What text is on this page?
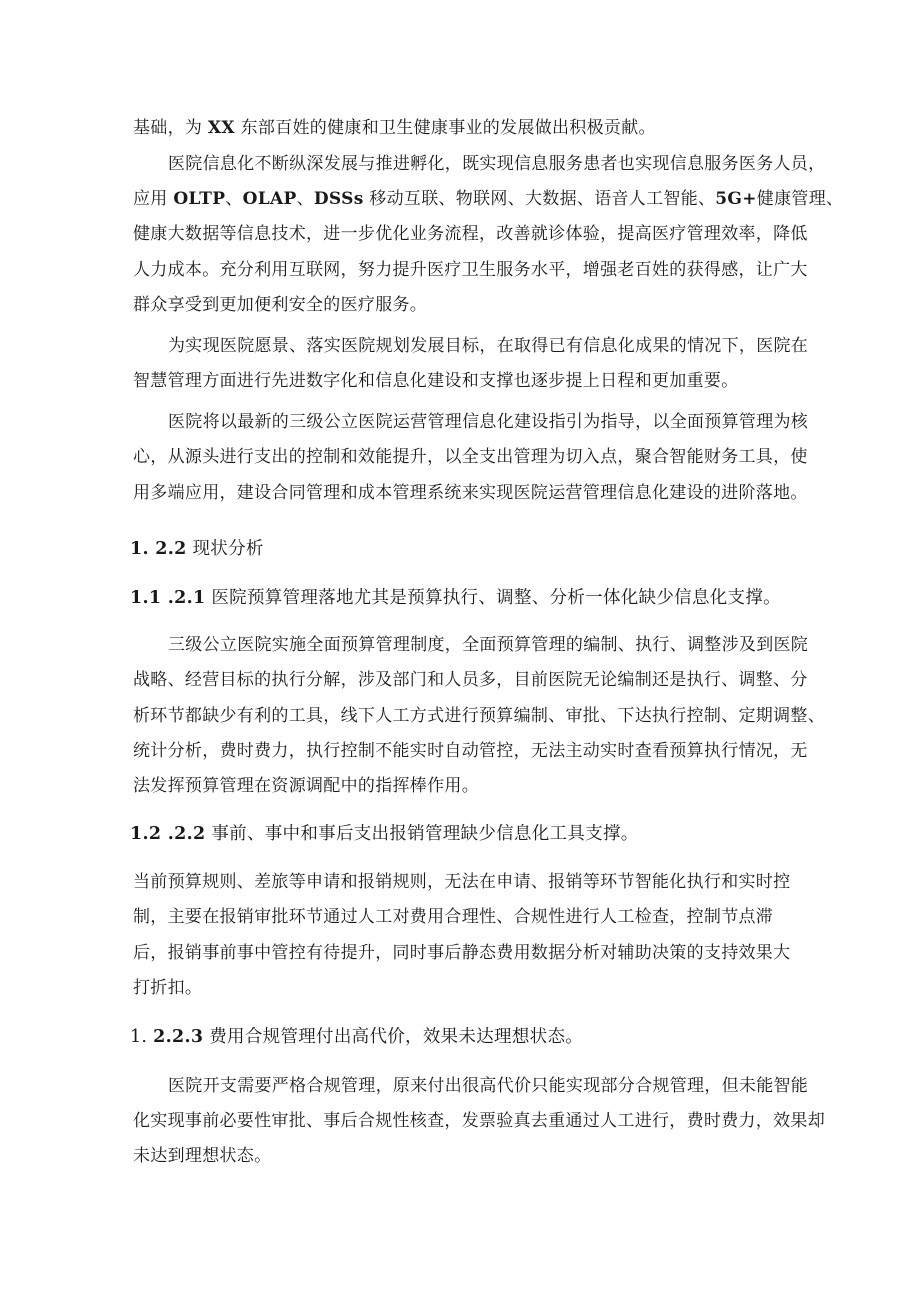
基础，为 XX 东部百姓的健康和卫生健康事业的发展做出积极贡献。
医院信息化不断纵深发展与推进孵化，既实现信息服务患者也实现信息服务医务人员，
应用 OLTP、OLAP、DSSs 移动互联、物联网、大数据、语音人工智能、5G+健康管理、
健康大数据等信息技术，进一步优化业务流程，改善就诊体验，提高医疗管理效率，降低
人力成本。充分利用互联网，努力提升医疗卫生服务水平，增强老百姓的获得感，让广大
群众享受到更加便利安全的医疗服务。
为实现医院愿景、落实医院规划发展目标，在取得已有信息化成果的情况下，医院在
智慧管理方面进行先进数字化和信息化建设和支撑也逐步提上日程和更加重要。
医院将以最新的三级公立医院运营管理信息化建设指引为指导，以全面预算管理为核
心，从源头进行支出的控制和效能提升，以全支出管理为切入点，聚合智能财务工具，使
用多端应用，建设合同管理和成本管理系统来实现医院运营管理信息化建设的进阶落地。
1. 2.2 现状分析
1.1 .2.1 医院预算管理落地尤其是预算执行、调整、分析一体化缺少信息化支撑。
三级公立医院实施全面预算管理制度，全面预算管理的编制、执行、调整涉及到医院
战略、经营目标的执行分解，涉及部门和人员多，目前医院无论编制还是执行、调整、分
析环节都缺少有利的工具，线下人工方式进行预算编制、审批、下达执行控制、定期调整、
统计分析，费时费力，执行控制不能实时自动管控，无法主动实时查看预算执行情况，无
法发挥预算管理在资源调配中的指挥棒作用。
1.2 .2.2 事前、事中和事后支出报销管理缺少信息化工具支撑。
当前预算规则、差旅等申请和报销规则，无法在申请、报销等环节智能化执行和实时控
制，主要在报销审批环节通过人工对费用合理性、合规性进行人工检查，控制节点滞
后，报销事前事中管控有待提升，同时事后静态费用数据分析对辅助决策的支持效果大
打折扣。
1. 2.2.3 费用合规管理付出高代价，效果未达理想状态。
医院开支需要严格合规管理，原来付出很高代价只能实现部分合规管理，但未能智能
化实现事前必要性审批、事后合规性核查，发票验真去重通过人工进行，费时费力，效果却
未达到理想状态。
